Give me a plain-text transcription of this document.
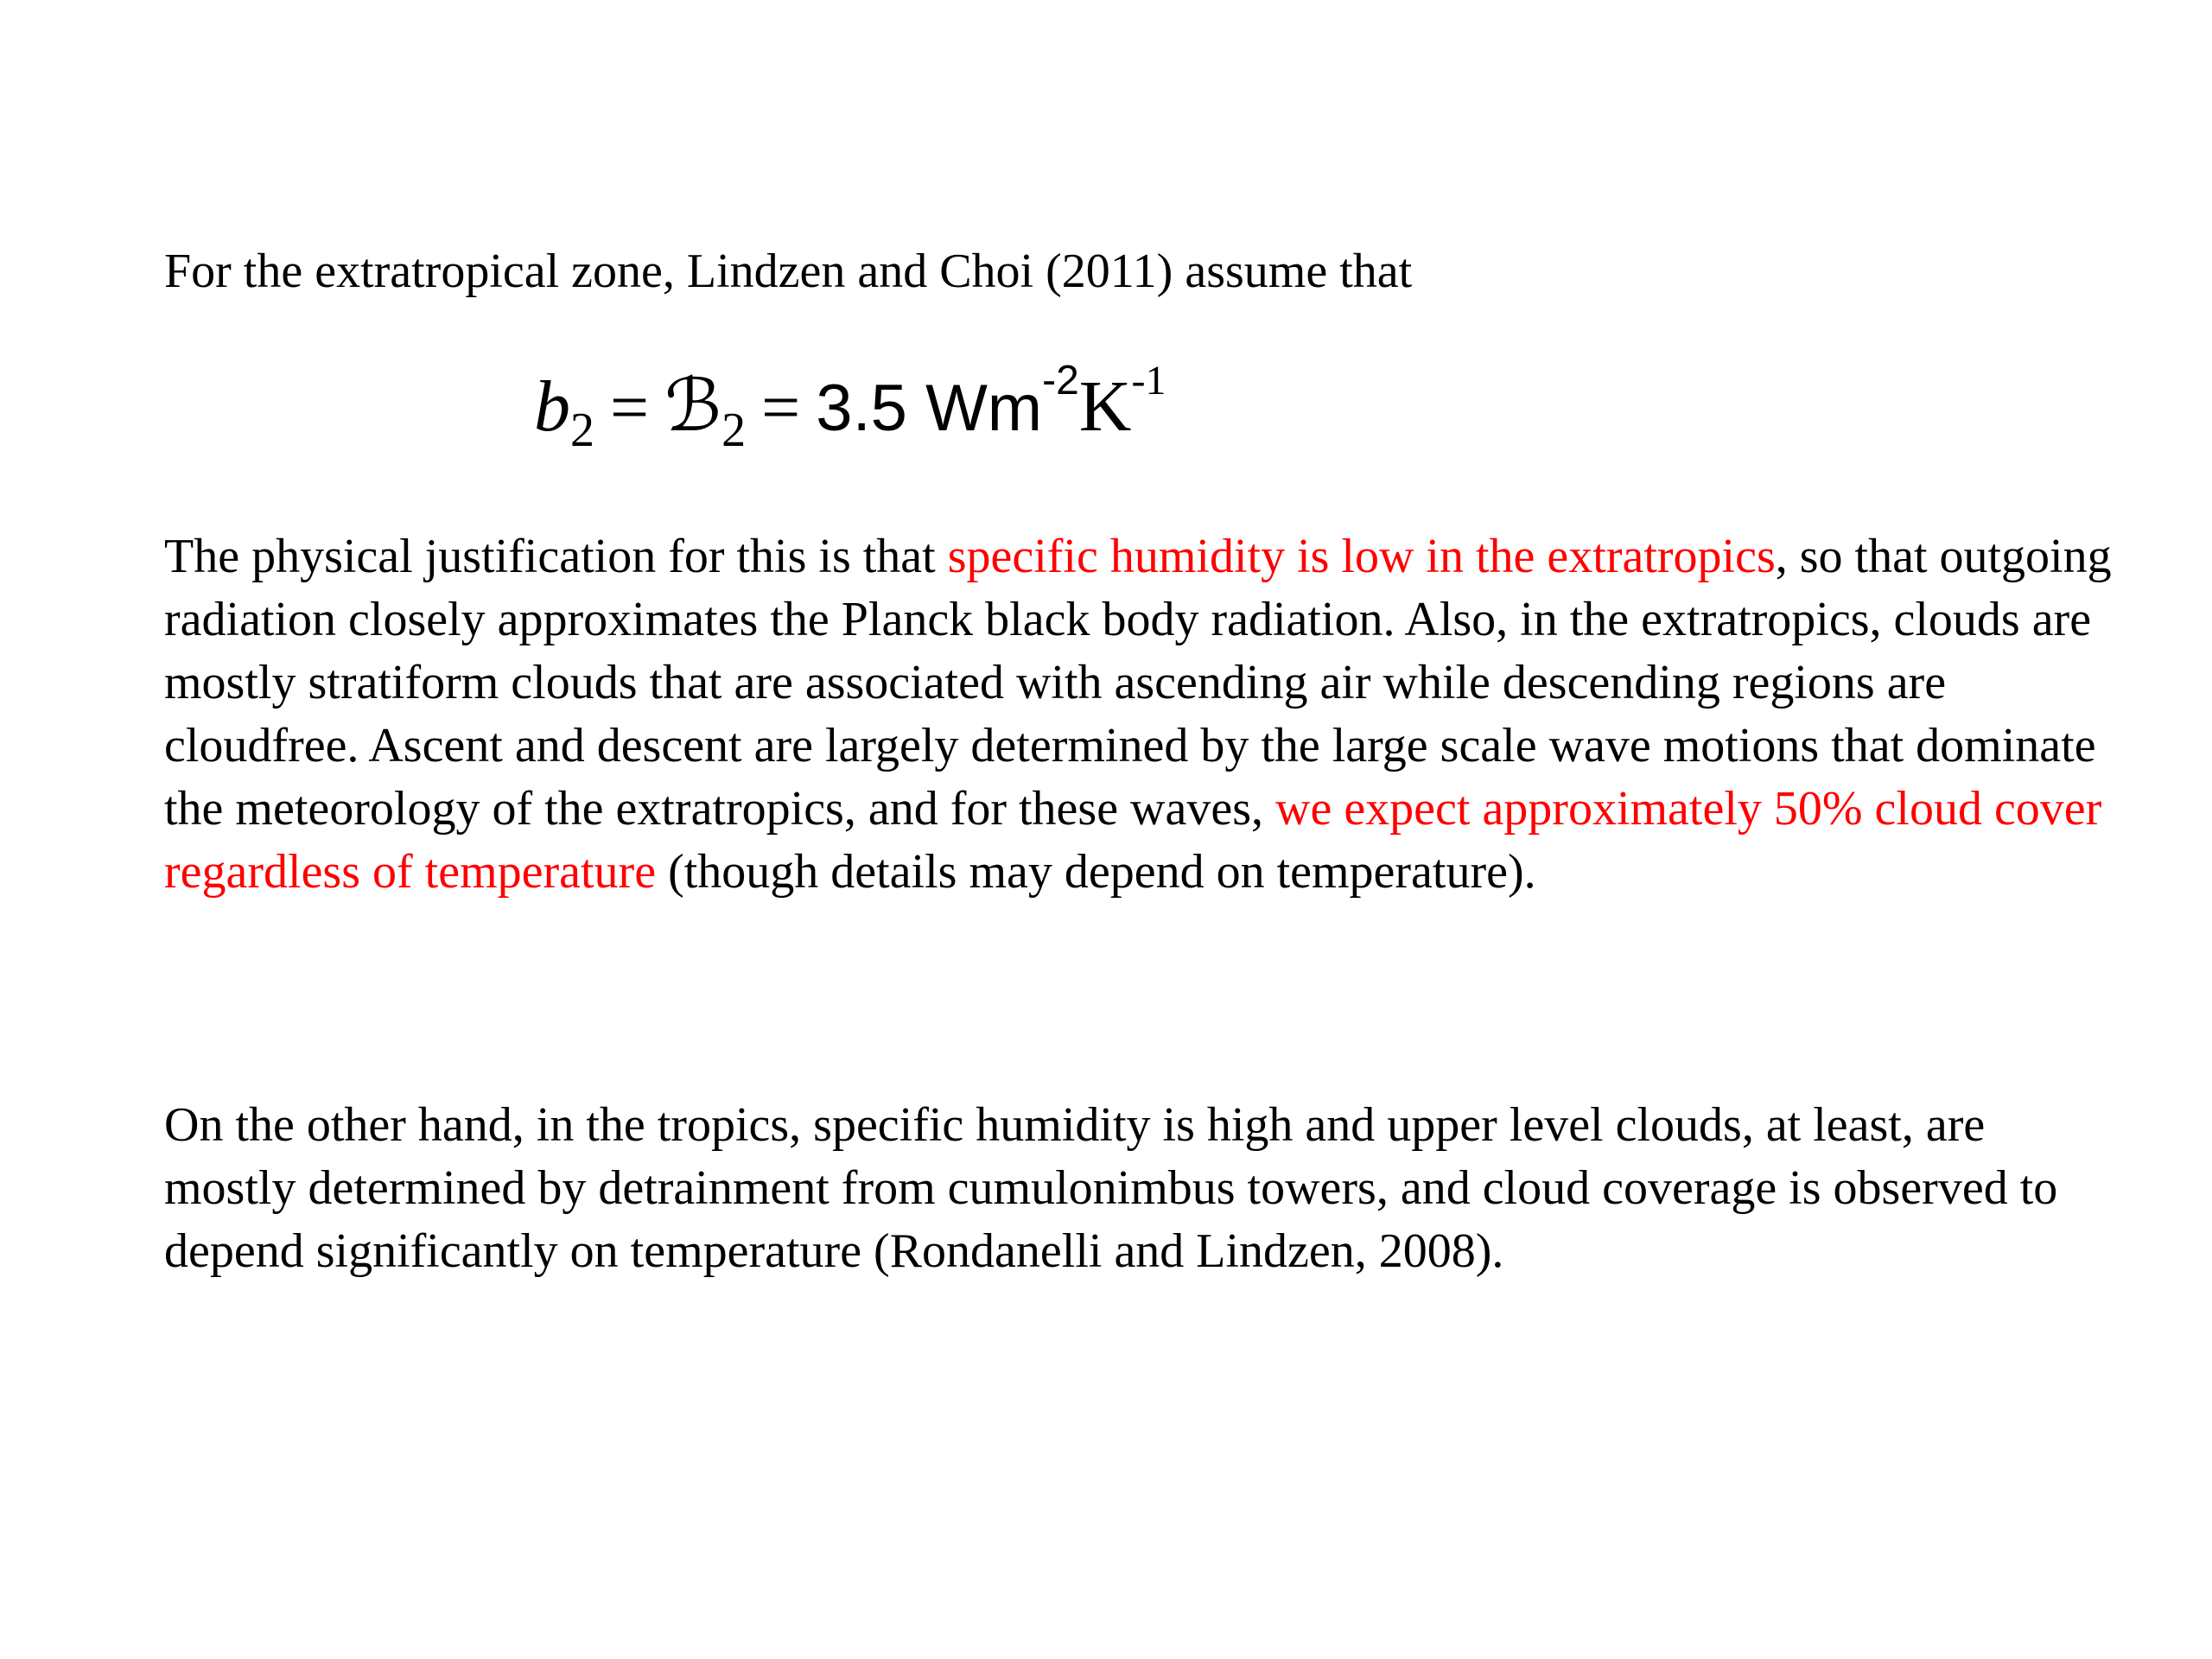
For the extratropical zone, Lindzen and Choi (2011) assume that

b2 = ℬ2 = 3.5 Wm-2K-1

The physical justification for this is that specific humidity is low in the extratropics, so that outgoing radiation closely approximates the Planck black body radiation. Also, in the extratropics, clouds are mostly stratiform clouds that are associated with ascending air while descending regions are cloudfree. Ascent and descent are largely determined by the large scale wave motions that dominate the meteorology of the extratropics, and for these waves, we expect approximately 50% cloud cover regardless of temperature (though details may depend on temperature).

On the other hand, in the tropics, specific humidity is high and upper level clouds, at least, are mostly determined by detrainment from cumulonimbus towers, and cloud coverage is observed to depend significantly on temperature (Rondanelli and Lindzen, 2008).
